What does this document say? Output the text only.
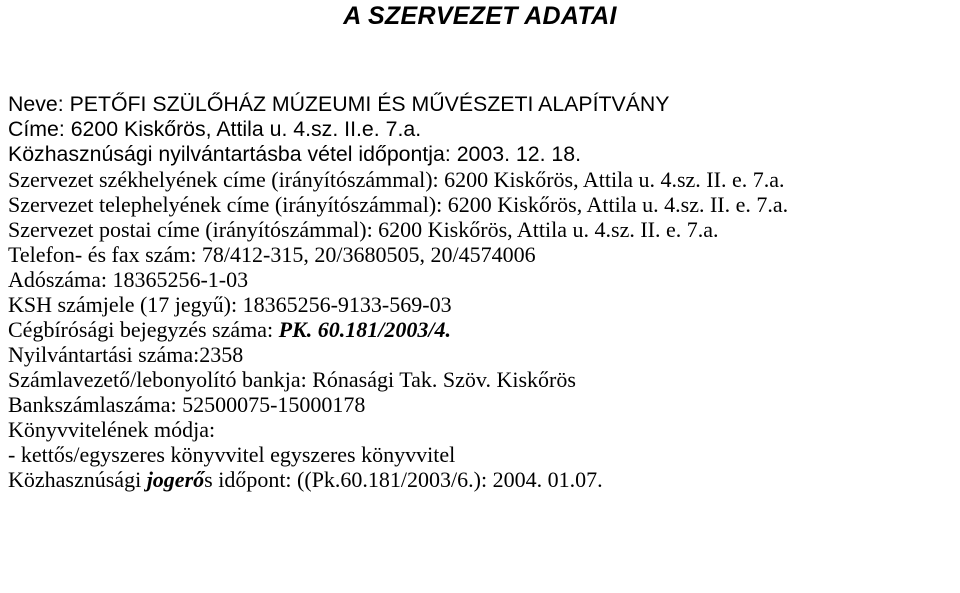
A SZERVEZET ADATAI
Neve: PETŐFI SZÜLŐHÁZ MÚZEUMI ÉS MŰVÉSZETI ALAPÍTVÁNY
Címe: 6200 Kiskőrös, Attila u. 4.sz. II.e. 7.a.
Közhasznúsági nyilvántartásba vétel időpontja: 2003. 12. 18.
Szervezet székhelyének címe (irányítószámmal): 6200 Kiskőrös, Attila u. 4.sz. II. e. 7.a.
Szervezet telephelyének címe (irányítószámmal): 6200 Kiskőrös, Attila u. 4.sz. II. e. 7.a.
Szervezet postai címe (irányítószámmal): 6200 Kiskőrös, Attila u. 4.sz. II. e. 7.a.
Telefon- és fax szám: 78/412-315, 20/3680505, 20/4574006
Adószáma: 18365256-1-03
KSH számjele (17 jegyű): 18365256-9133-569-03
Cégbírósági bejegyzés száma: PK. 60.181/2003/4.
Nyilvántartási száma:2358
Számlavezető/lebonyolító bankja: Rónasági Tak. Szöv. Kiskőrös
Bankszámlaszáma: 52500075-15000178
Könyvvitelének módja:
- kettős/egyszeres könyvvitel egyszeres könyvvitel
Közhasznúsági jogerős időpont: ((Pk.60.181/2003/6.): 2004. 01.07.
